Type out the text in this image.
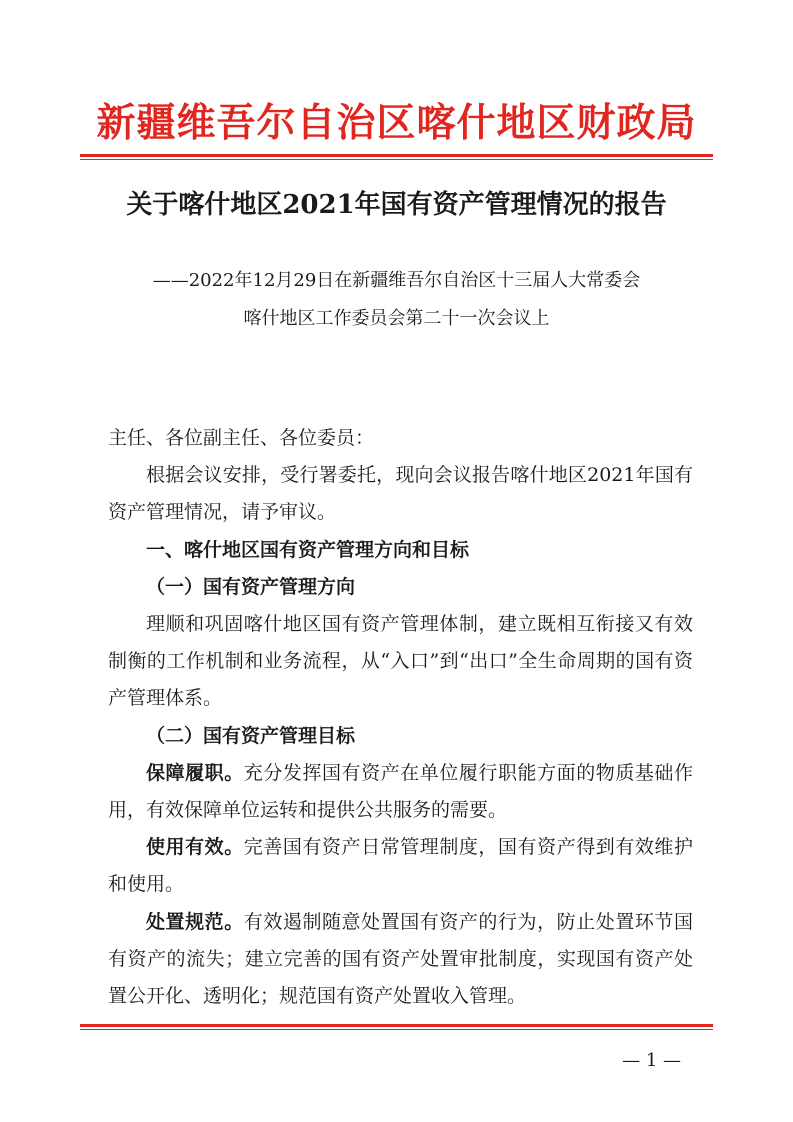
新疆维吾尔自治区喀什地区财政局
关于喀什地区2021年国有资产管理情况的报告
——2022年12月29日在新疆维吾尔自治区十三届人大常委会
喀什地区工作委员会第二十一次会议上

主任、各位副主任、各位委员：

根据会议安排，受行署委托，现向会议报告喀什地区2021年国有资产管理情况，请予审议。

一、喀什地区国有资产管理方向和目标

（一）国有资产管理方向

理顺和巩固喀什地区国有资产管理体制，建立既相互衔接又有效制衡的工作机制和业务流程，从“入口”到“出口”全生命周期的国有资产管理体系。

（二）国有资产管理目标

保障履职。充分发挥国有资产在单位履行职能方面的物质基础作用，有效保障单位运转和提供公共服务的需要。

使用有效。完善国有资产日常管理制度，国有资产得到有效维护和使用。

处置规范。有效遏制随意处置国有资产的行为，防止处置环节国有资产的流失；建立完善的国有资产处置审批制度，实现国有资产处置公开化、透明化；规范国有资产处置收入管理。

— 1 —
